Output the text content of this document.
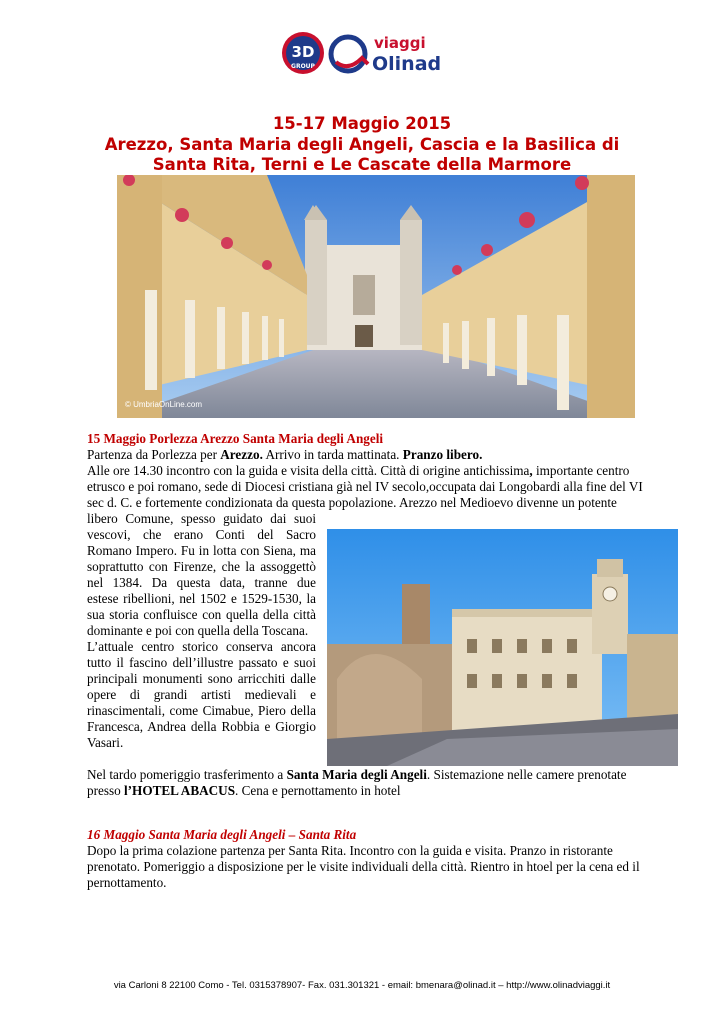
3D
GROUP
viaggi
Olinad
15-17 Maggio 2015
Arezzo, Santa Maria degli Angeli, Cascia e la Basilica di
Santa Rita, Terni e Le Cascate della Marmore
© UmbriaOnLine.com
15 Maggio Porlezza Arezzo Santa Maria degli Angeli
Partenza da Porlezza per Arezzo. Arrivo in tarda mattinata. Pranzo libero.
Alle ore 14.30 incontro con la guida e visita della città. Città di origine antichissima, importante centro
etrusco e poi romano, sede di Diocesi cristiana già nel IV secolo,occupata dai Longobardi alla fine del VI
sec d. C. e fortemente condizionata da questa popolazione. Arezzo nel Medioevo divenne un potente
libero Comune, spesso guidato dai suoi
vescovi, che erano Conti del Sacro
Romano Impero. Fu in lotta con Siena, ma
soprattutto con Firenze, che la assoggettò
nel 1384. Da questa data, tranne due
estese ribellioni, nel 1502 e 1529-1530, la
sua storia confluisce con quella della città
dominante e poi con quella della Toscana.
L’attuale centro storico conserva ancora
tutto il fascino dell’illustre passato e suoi
principali monumenti sono arricchiti dalle
opere di grandi artisti medievali e
rinascimentali, come Cimabue, Piero della
Francesca, Andrea della Robbia e Giorgio
Vasari.
Nel tardo pomeriggio trasferimento a Santa Maria degli Angeli. Sistemazione nelle camere prenotate
presso l’HOTEL ABACUS. Cena e pernottamento in hotel
16 Maggio Santa Maria degli Angeli – Santa Rita
Dopo la prima colazione partenza per Santa Rita. Incontro con la guida e visita. Pranzo in ristorante
prenotato. Pomeriggio a disposizione per le visite individuali della città. Rientro in htoel per la cena ed il
pernottamento.
via Carloni 8 22100 Como - Tel. 0315378907- Fax. 031.301321 - email: bmenara@olinad.it – http://www.olinadviaggi.it
